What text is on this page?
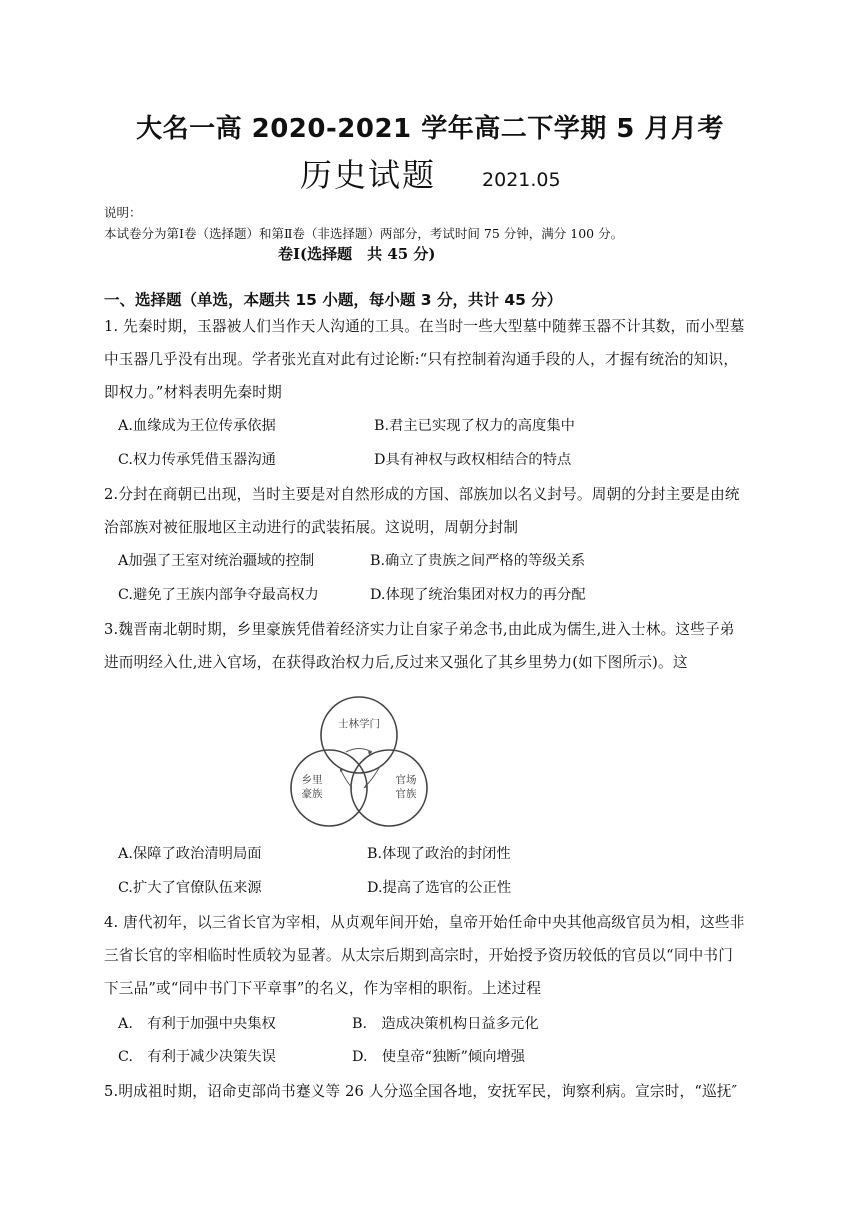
大名一高 2020-2021 学年高二下学期 5 月月考
历史试题 2021.05
说明：
本试卷分为第Ⅰ卷（选择题）和第Ⅱ卷（非选择题）两部分，考试时间 75 分钟，满分 100 分。
卷Ⅰ(选择题　共 45 分)
一、选择题（单选，本题共 15 小题，每小题 3 分，共计 45 分）
1. 先秦时期，玉器被人们当作天人沟通的工具。在当时一些大型墓中随葬玉器不计其数，而小型墓
中玉器几乎没有出现。学者张光直对此有过论断:“只有控制着沟通手段的人，才握有统治的知识，
即权力。”材料表明先秦时期
A.血缘成为王位传承依据	B.君主已实现了权力的高度集中
C.权力传承凭借玉器沟通	D具有神权与政权相结合的特点
2.分封在商朝已出现，当时主要是对自然形成的方国、部族加以名义封号。周朝的分封主要是由统
治部族对被征服地区主动进行的武装拓展。这说明，周朝分封制
A加强了王室对统治疆域的控制	B.确立了贵族之间严格的等级关系
C.避免了王族内部争夺最高权力	D.体现了统治集团对权力的再分配
3.魏晋南北朝时期，乡里豪族凭借着经济实力让自家子弟念书,由此成为儒生,进入士林。这些子弟
进而明经入仕,进入官场，在获得政治权力后,反过来又强化了其乡里势力(如下图所示)。这
士林学门
乡里
豪族
官场
官族
A.保障了政治清明局面	B.体现了政治的封闭性
C.扩大了官僚队伍来源	D.提高了选官的公正性
4. 唐代初年，以三省长官为宰相，从贞观年间开始，皇帝开始任命中央其他高级官员为相，这些非
三省长官的宰相临时性质较为显著。从太宗后期到高宗时，开始授予资历较低的官员以“同中书门
下三品”或“同中书门下平章事”的名义，作为宰相的职衔。上述过程
A.　有利于加强中央集权	B.　造成决策机构日益多元化
C.　有利于减少决策失误	D.　使皇帝“独断”倾向增强
5.明成祖时期，诏命吏部尚书蹇义等 26 人分巡全国各地，安抚军民，询察利病。宣宗时，“巡抚″
